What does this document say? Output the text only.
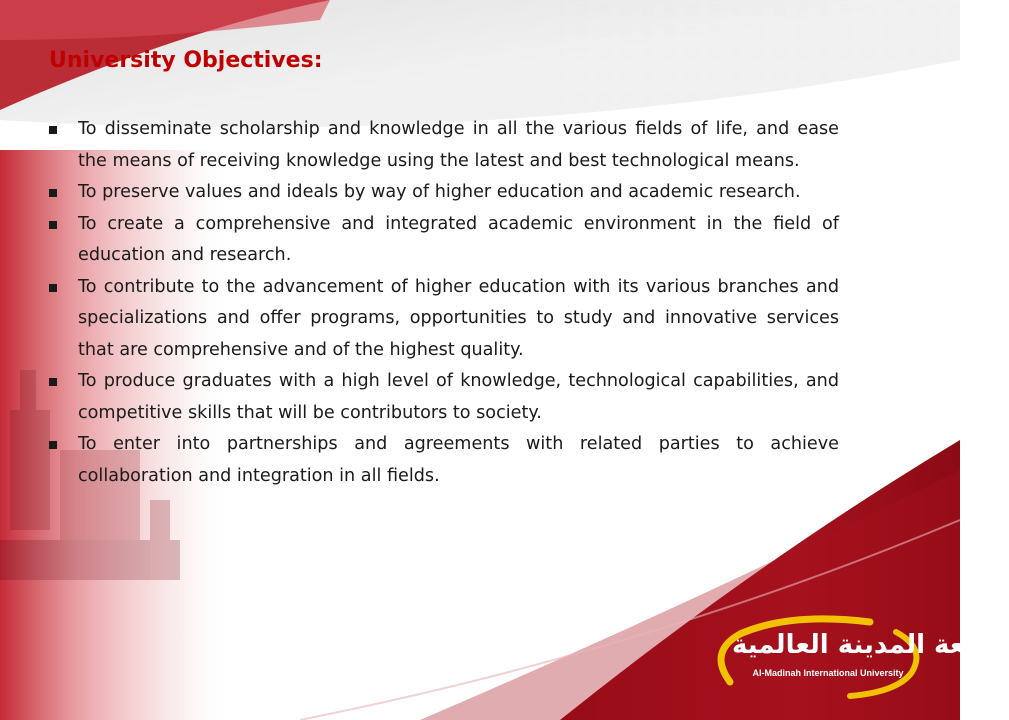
University Objectives:
To disseminate scholarship and knowledge in all the various fields of life, and ease the means of receiving knowledge using the latest and best technological means.
To preserve values and ideals by way of higher education and academic research.
To create a comprehensive and integrated academic environment in the field of education and research.
To contribute to the advancement of higher education with its various branches and specializations and offer programs, opportunities to study and innovative services that are comprehensive and of the highest quality.
To produce graduates with a high level of knowledge, technological capabilities, and competitive skills that will be contributors to society.
To enter into partnerships and agreements with related parties to achieve collaboration and integration in all fields.
جامعة المدينة العالمية
Al-Madinah International University
